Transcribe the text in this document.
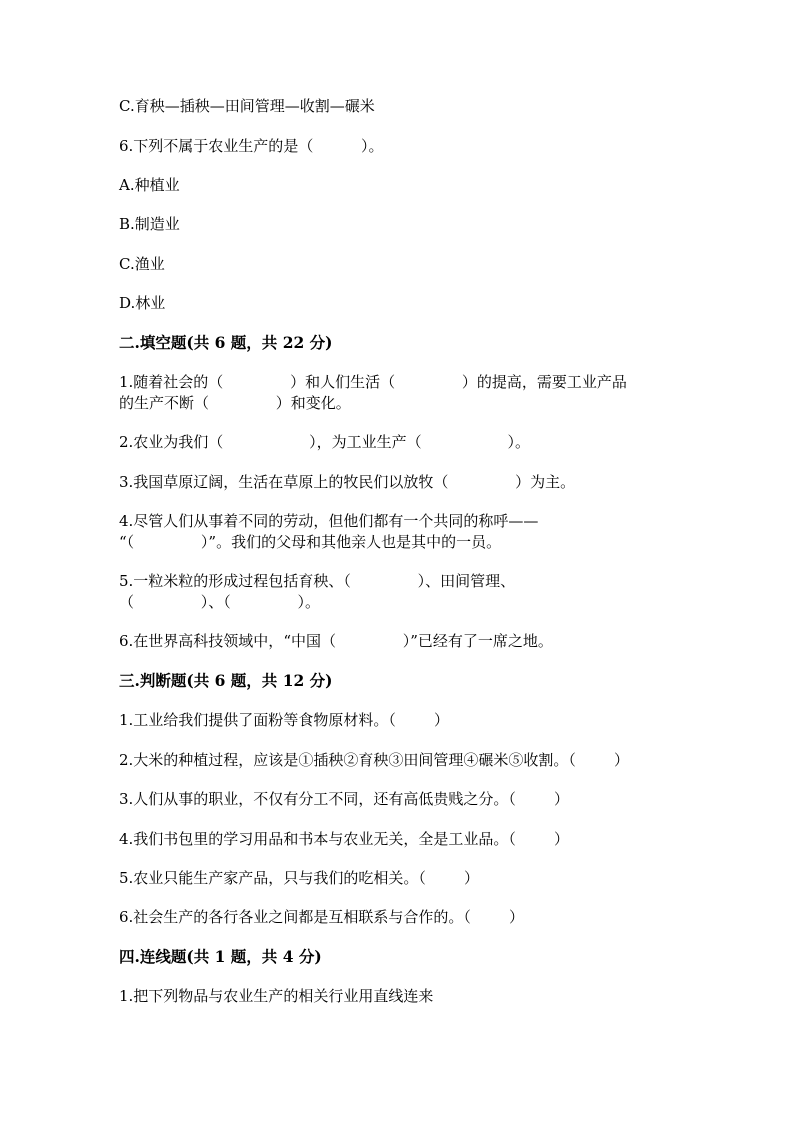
C.育秧—插秧—田间管理—收割—碾米

6.下列不属于农业生产的是（          ）。

A.种植业

B.制造业

C.渔业

D.林业

二.填空题(共 6 题，共 22 分)

1.随着社会的（              ）和人们生活（              ）的提高，需要工业产品

的生产不断（              ）和变化。

2.农业为我们（                  ），为工业生产（                  ）。

3.我国草原辽阔，生活在草原上的牧民们以放牧（              ）为主。

4.尽管人们从事着不同的劳动，但他们都有一个共同的称呼——

“（              ）”。我们的父母和其他亲人也是其中的一员。

5.一粒米粒的形成过程包括育秧、（              ）、田间管理、

（              ）、（              ）。

6.在世界高科技领域中，“中国（              ）”已经有了一席之地。

三.判断题(共 6 题，共 12 分)

1.工业给我们提供了面粉等食物原材料。（        ）

2.大米的种植过程，应该是①插秧②育秧③田间管理④碾米⑤收割。（        ）

3.人们从事的职业，不仅有分工不同，还有高低贵贱之分。（        ）

4.我们书包里的学习用品和书本与农业无关，全是工业品。（        ）

5.农业只能生产家产品，只与我们的吃相关。（        ）

6.社会生产的各行各业之间都是互相联系与合作的。（        ）

四.连线题(共 1 题，共 4 分)

1.把下列物品与农业生产的相关行业用直线连来
